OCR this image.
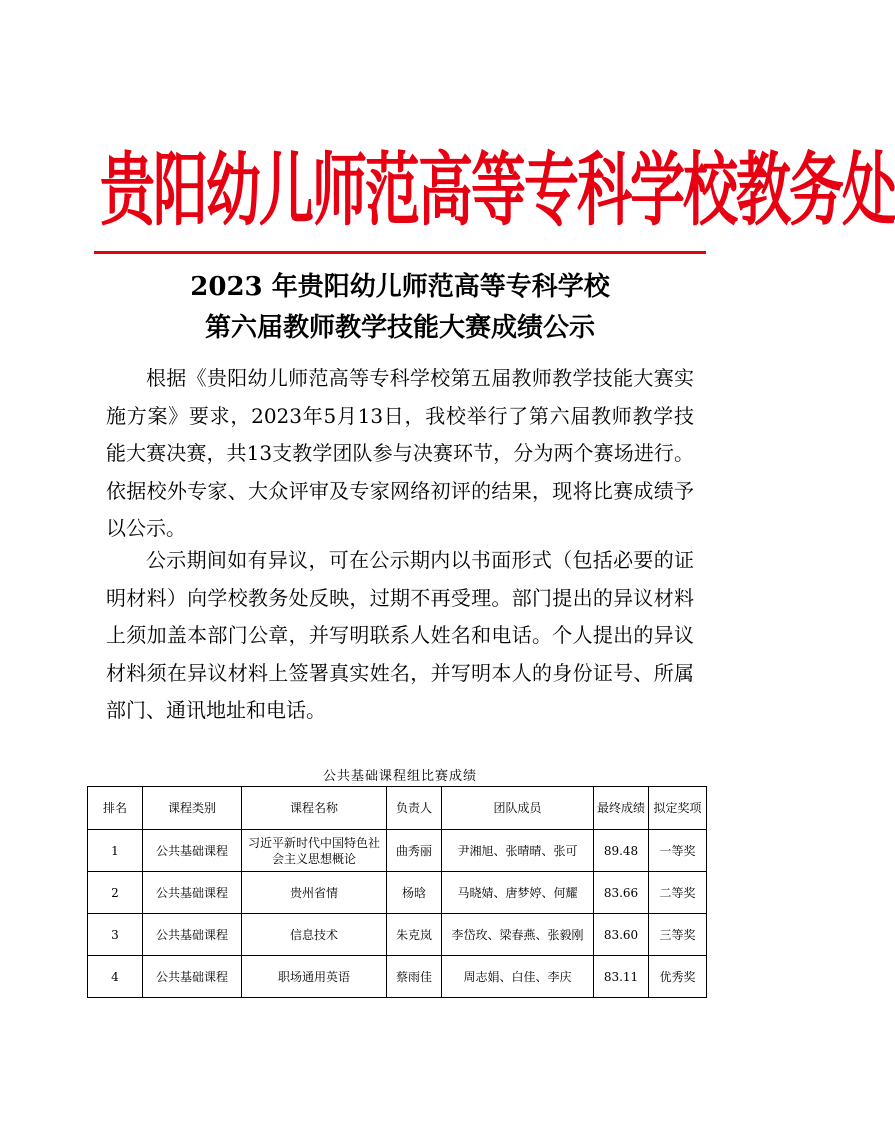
贵阳幼儿师范高等专科学校教务处
2023 年贵阳幼儿师范高等专科学校
第六届教师教学技能大赛成绩公示

根据《贵阳幼儿师范高等专科学校第五届教师教学技能大赛实施方案》要求，2023年5月13日，我校举行了第六届教师教学技能大赛决赛，共13支教学团队参与决赛环节，分为两个赛场进行。依据校外专家、大众评审及专家网络初评的结果，现将比赛成绩予以公示。

公示期间如有异议，可在公示期内以书面形式（包括必要的证明材料）向学校教务处反映，过期不再受理。部门提出的异议材料上须加盖本部门公章，并写明联系人姓名和电话。个人提出的异议材料须在异议材料上签署真实姓名，并写明本人的身份证号、所属部门、通讯地址和电话。

公共基础课程组比赛成绩
排名	课程类别	课程名称	负责人	团队成员	最终成绩	拟定奖项
1	公共基础课程	习近平新时代中国特色社会主义思想概论	曲秀丽	尹湘旭、张晴晴、张可	89.48	一等奖
2	公共基础课程	贵州省情	杨晗	马晓婧、唐梦婷、何耀	83.66	二等奖
3	公共基础课程	信息技术	朱克岚	李岱玫、梁春燕、张毅刚	83.60	三等奖
4	公共基础课程	职场通用英语	蔡雨佳	周志娟、白佳、李庆	83.11	优秀奖
